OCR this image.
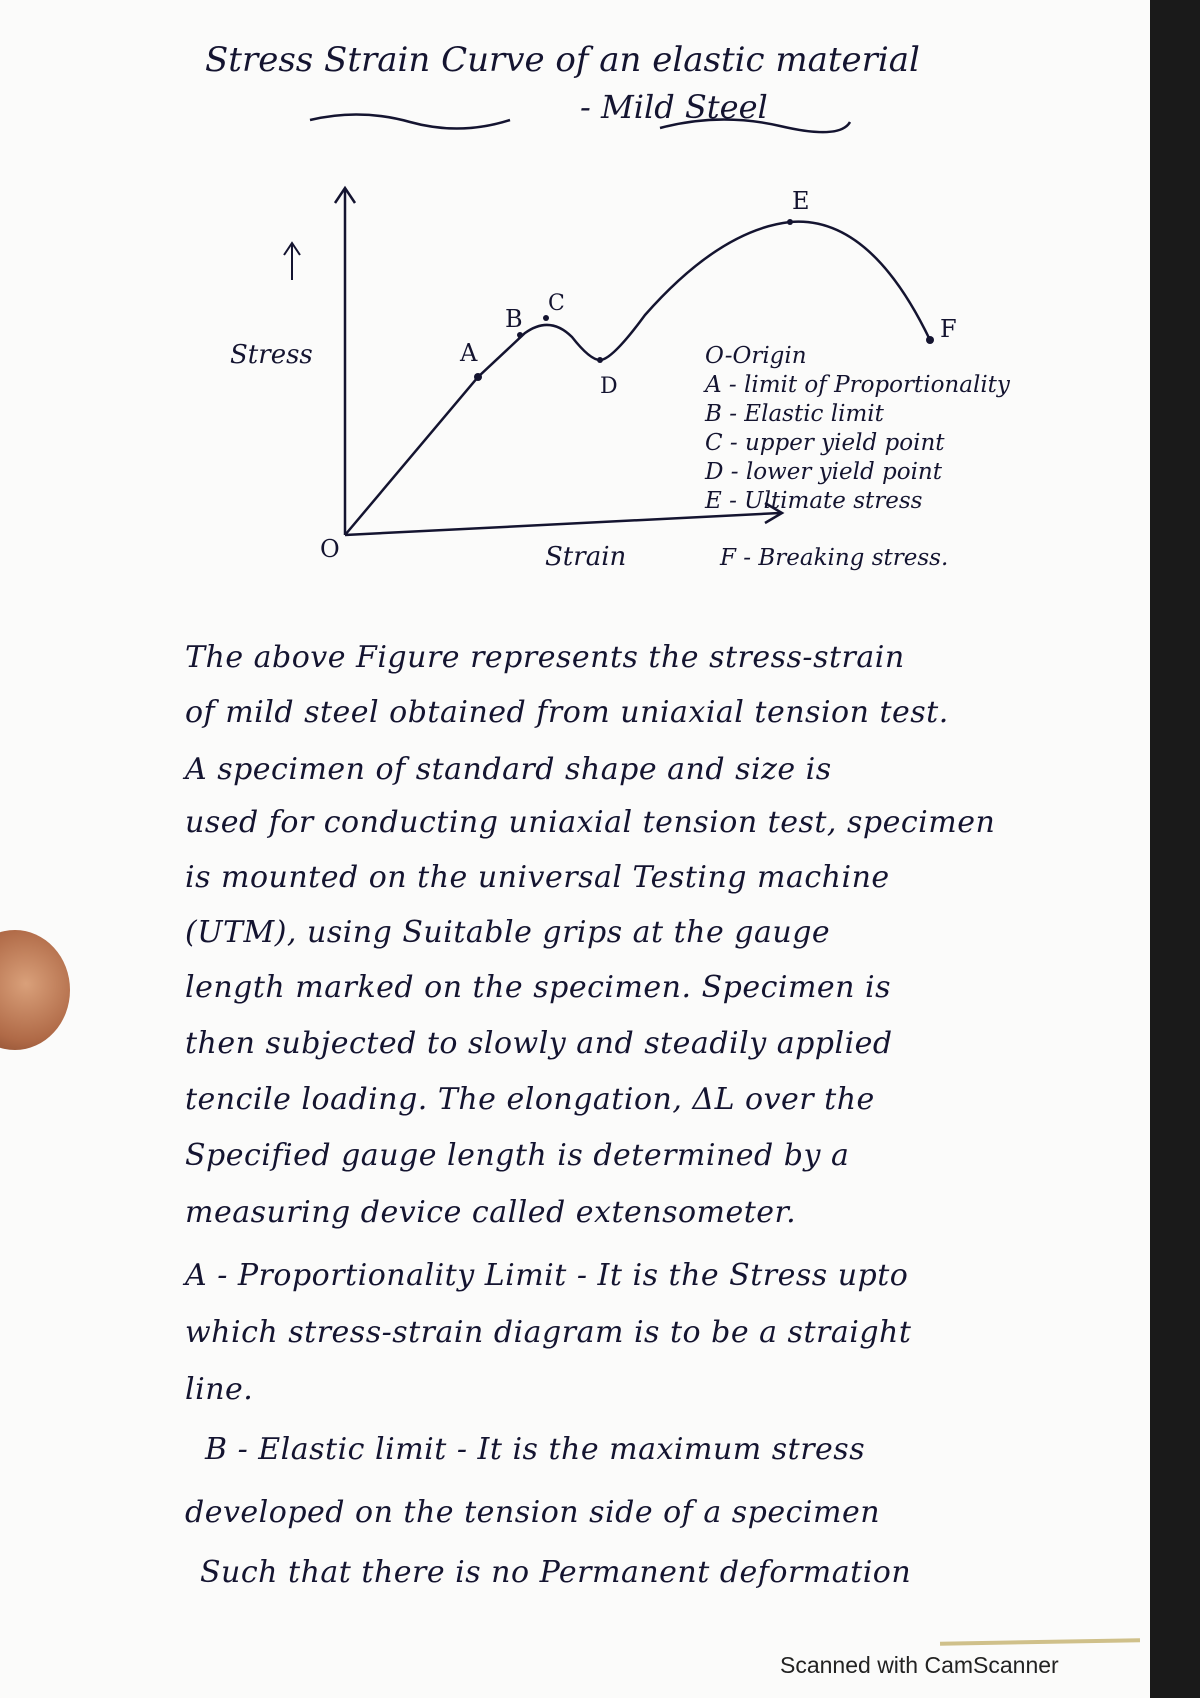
Stress Strain Curve of an elastic material
- Mild Steel
Stress
Strain
O
A
B
C
D
E
F
O-Origin
A - limit of Proportionality
B - Elastic limit
C - upper yield point
D - lower yield point
E - Ultimate stress
F - Breaking stress.
The above Figure represents the stress-strain
of mild steel obtained from uniaxial tension test.
A specimen of standard shape and size is
used for conducting uniaxial tension test, specimen
is mounted on the universal Testing machine
(UTM), using Suitable grips at the gauge
length marked on the specimen. Specimen is
then subjected to slowly and steadily applied
tencile loading. The elongation, ΔL over the
Specified gauge length is determined by a
measuring device called extensometer.
A - Proportionality Limit - It is the Stress upto
which stress-strain diagram is to be a straight
line.
B - Elastic limit - It is the maximum stress
developed on the tension side of a specimen
Such that there is no Permanent deformation
Scanned with CamScanner
